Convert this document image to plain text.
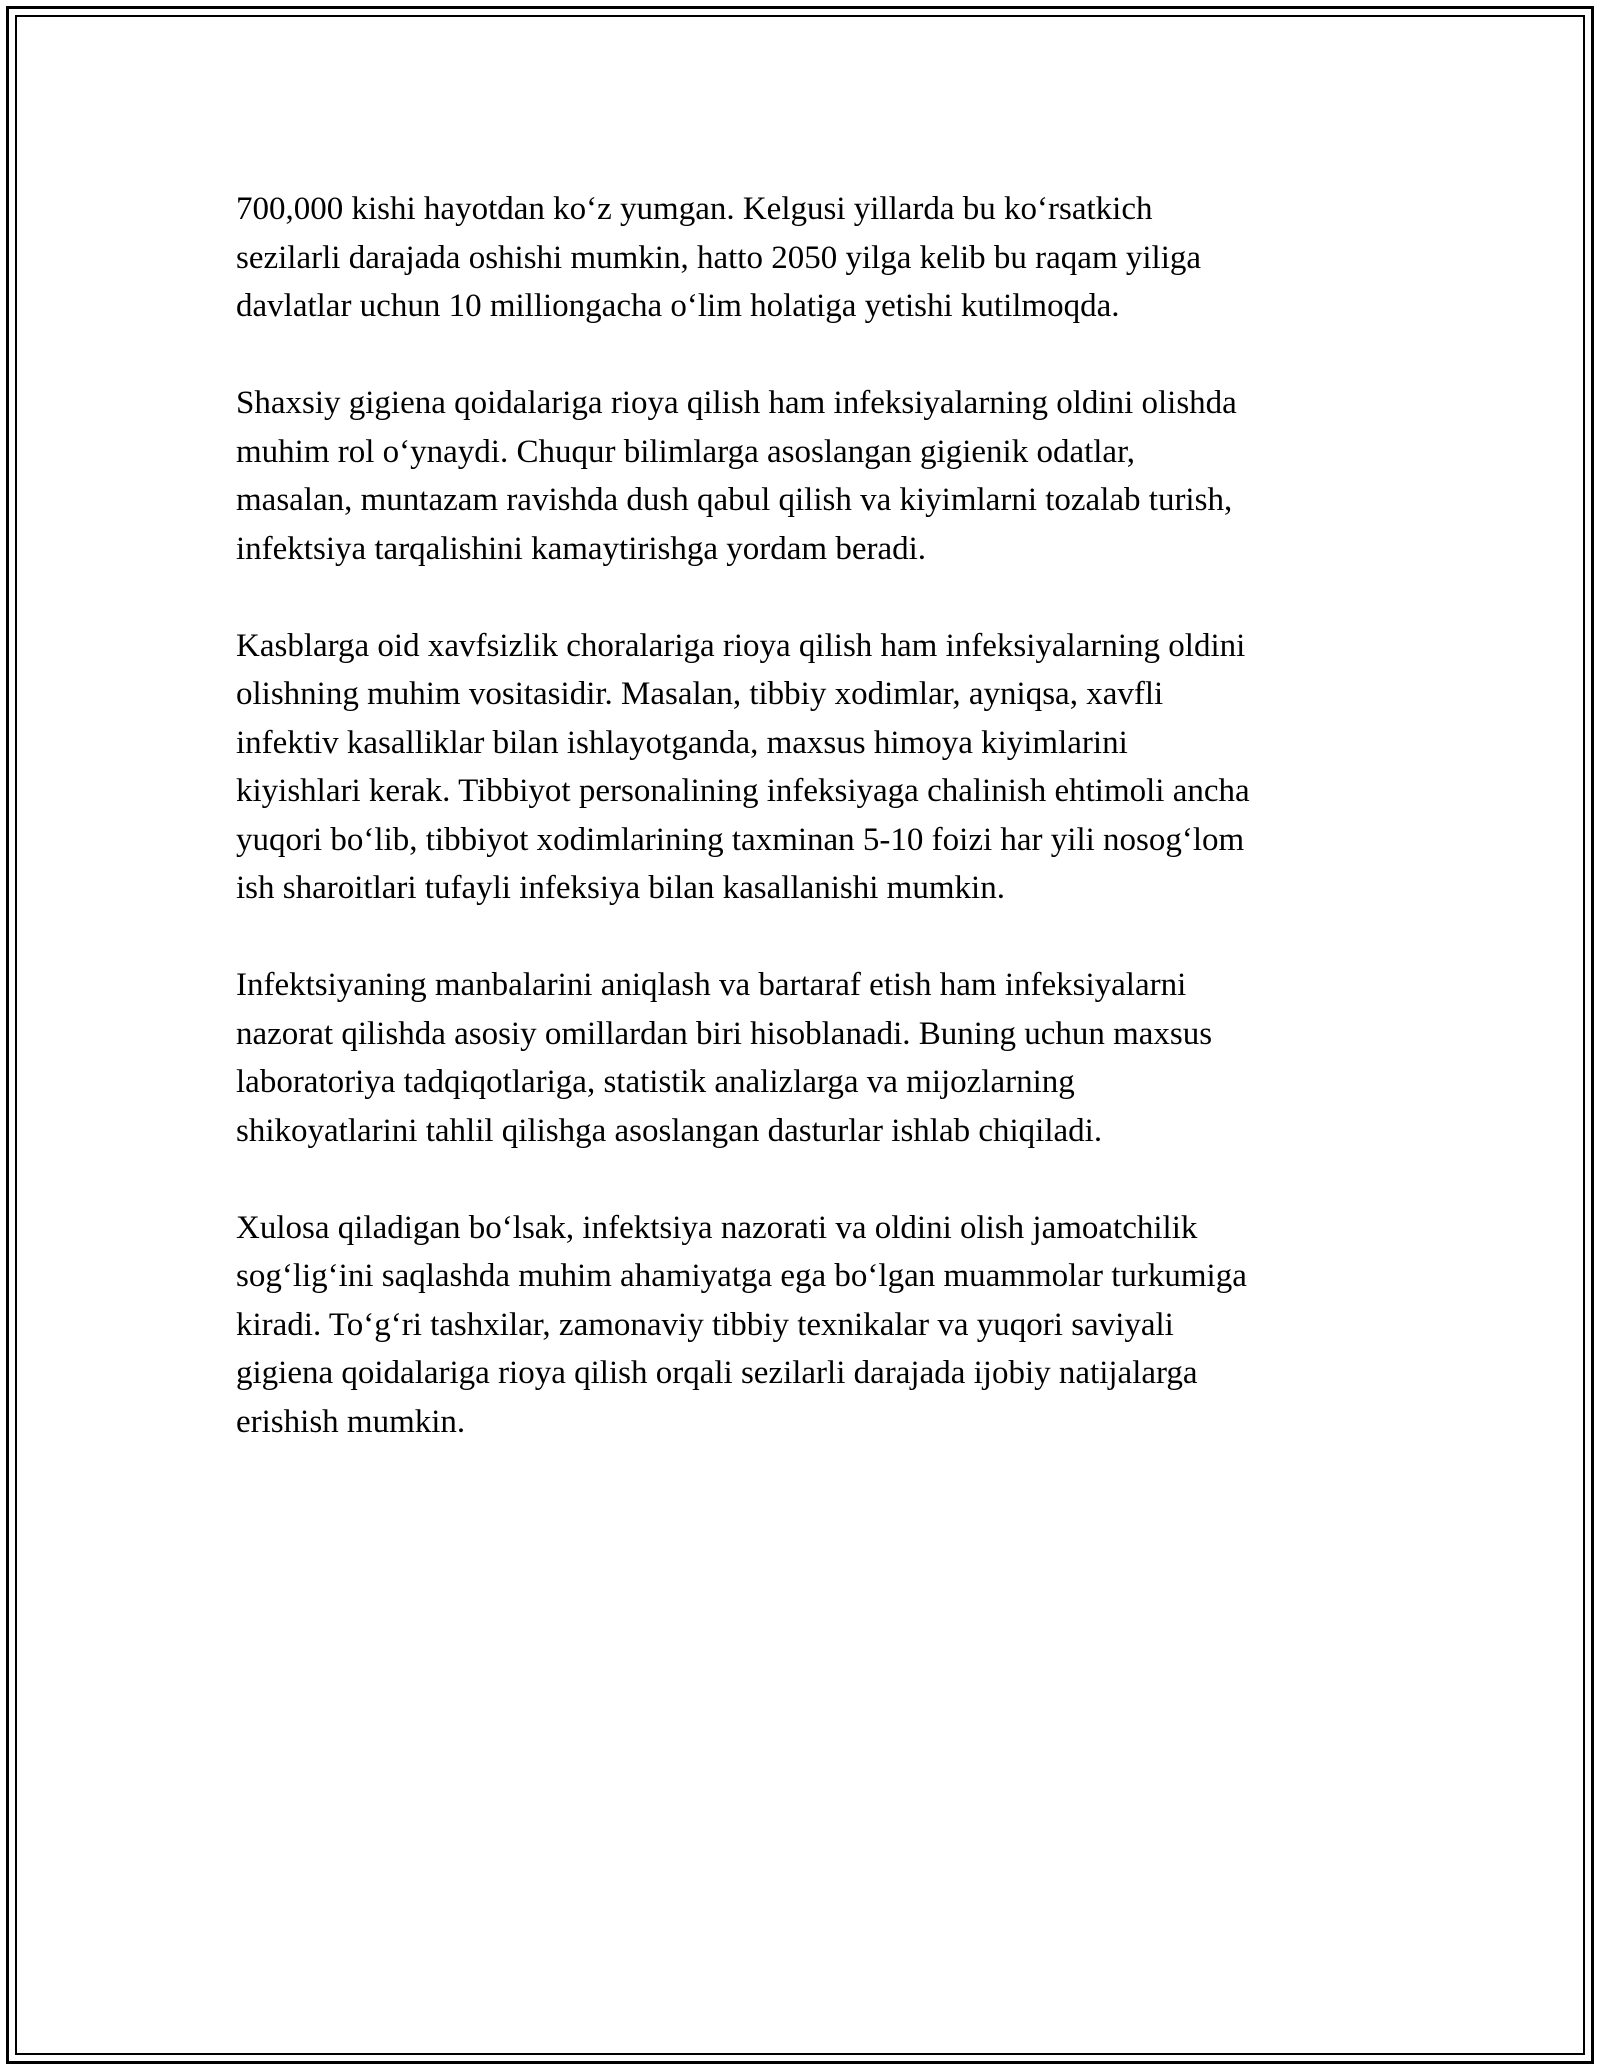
700,000 kishi hayotdan ko‘z yumgan. Kelgusi yillarda bu ko‘rsatkich
sezilarli darajada oshishi mumkin, hatto 2050 yilga kelib bu raqam yiliga
davlatlar uchun 10 milliongacha o‘lim holatiga yetishi kutilmoqda.

Shaxsiy gigiena qoidalariga rioya qilish ham infeksiyalarning oldini olishda
muhim rol o‘ynaydi. Chuqur bilimlarga asoslangan gigienik odatlar,
masalan, muntazam ravishda dush qabul qilish va kiyimlarni tozalab turish,
infektsiya tarqalishini kamaytirishga yordam beradi.

Kasblarga oid xavfsizlik choralariga rioya qilish ham infeksiyalarning oldini
olishning muhim vositasidir. Masalan, tibbiy xodimlar, ayniqsa, xavfli
infektiv kasalliklar bilan ishlayotganda, maxsus himoya kiyimlarini
kiyishlari kerak. Tibbiyot personalining infeksiyaga chalinish ehtimoli ancha
yuqori bo‘lib, tibbiyot xodimlarining taxminan 5-10 foizi har yili nosog‘lom
ish sharoitlari tufayli infeksiya bilan kasallanishi mumkin.

Infektsiyaning manbalarini aniqlash va bartaraf etish ham infeksiyalarni
nazorat qilishda asosiy omillardan biri hisoblanadi. Buning uchun maxsus
laboratoriya tadqiqotlariga, statistik analizlarga va mijozlarning
shikoyatlarini tahlil qilishga asoslangan dasturlar ishlab chiqiladi.

Xulosa qiladigan bo‘lsak, infektsiya nazorati va oldini olish jamoatchilik
sog‘lig‘ini saqlashda muhim ahamiyatga ega bo‘lgan muammolar turkumiga
kiradi. To‘g‘ri tashxilar, zamonaviy tibbiy texnikalar va yuqori saviyali
gigiena qoidalariga rioya qilish orqali sezilarli darajada ijobiy natijalarga
erishish mumkin.
